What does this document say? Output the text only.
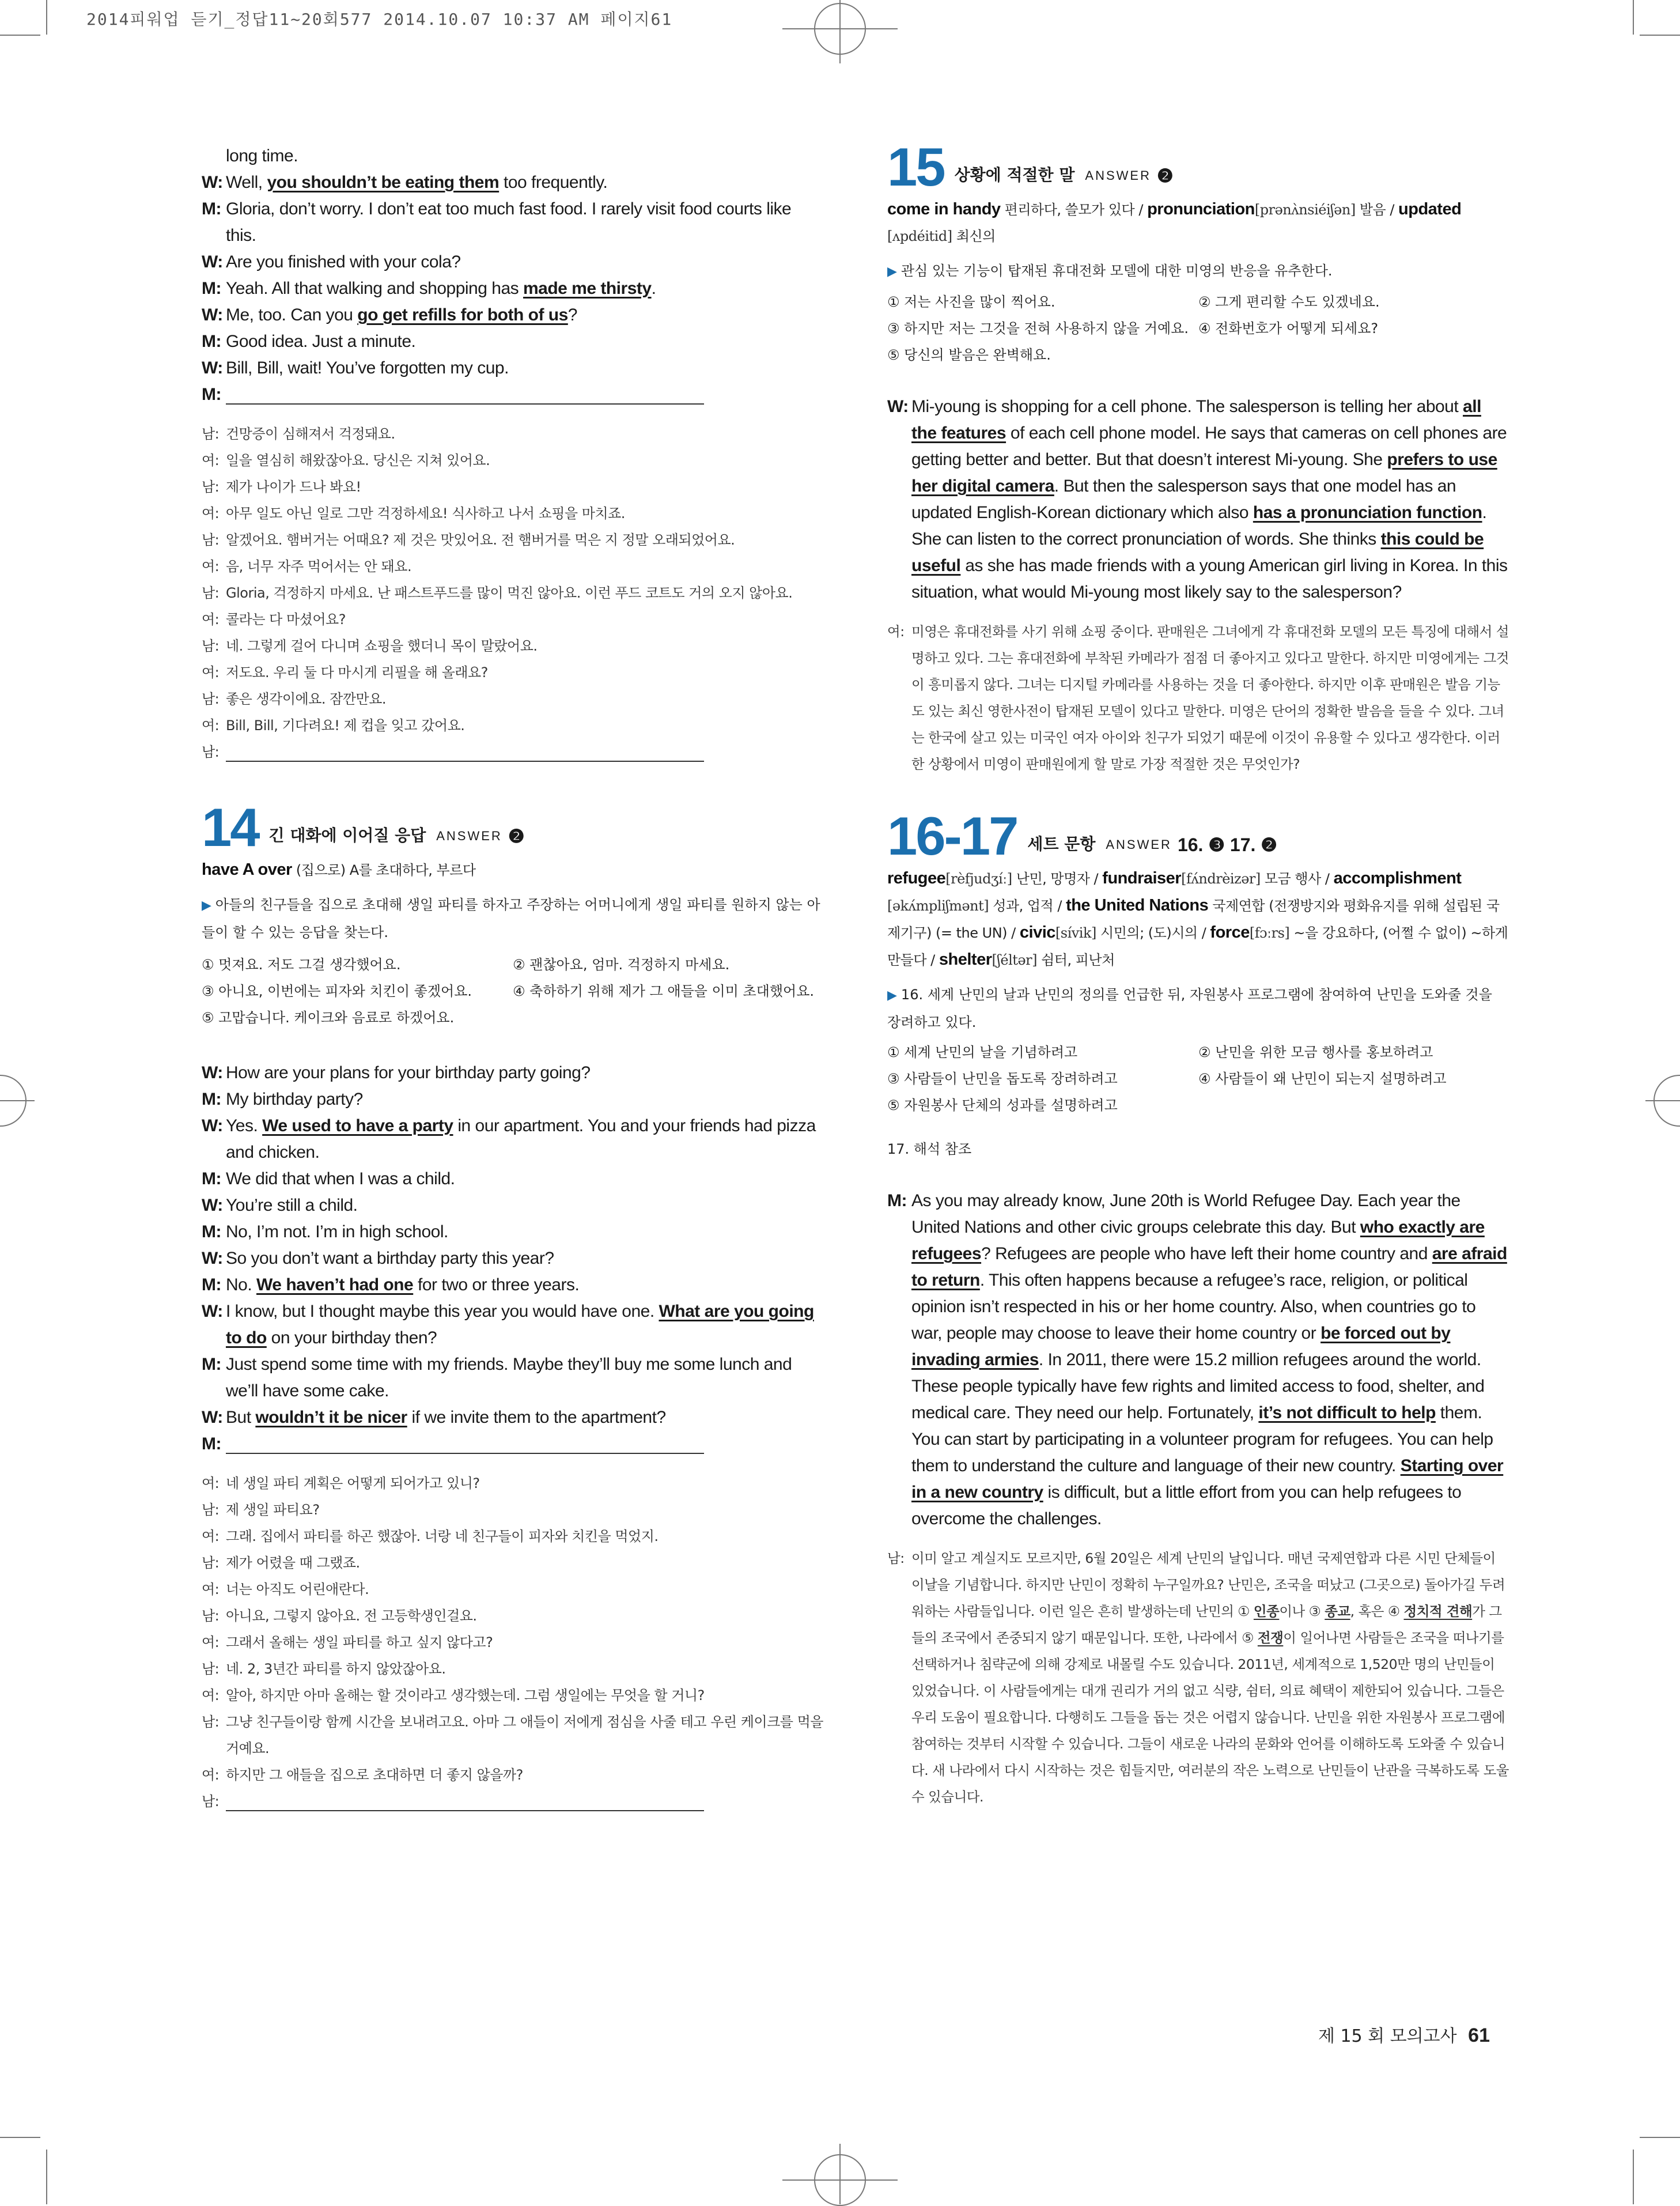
2014피워업 듣기_정답11~20회577 2014.10.07 10:37 AM 페이지61
long time.
W: Well, you shouldn’t be eating them too frequently.
M: Gloria, don’t worry. I don’t eat too much fast food. I rarely visit food courts like this.
W: Are you finished with your cola?
M: Yeah. All that walking and shopping has made me thirsty.
W: Me, too. Can you go get refills for both of us?
M: Good idea. Just a minute.
W: Bill, Bill, wait! You’ve forgotten my cup.
M:
남: 건망증이 심해져서 걱정돼요.
여: 일을 열심히 해왔잖아요. 당신은 지쳐 있어요.
남: 제가 나이가 드나 봐요!
여: 아무 일도 아닌 일로 그만 걱정하세요! 식사하고 나서 쇼핑을 마치죠.
남: 알겠어요. 햄버거는 어때요? 제 것은 맛있어요. 전 햄버거를 먹은 지 정말 오래되었어요.
여: 음, 너무 자주 먹어서는 안 돼요.
남: Gloria, 걱정하지 마세요. 난 패스트푸드를 많이 먹진 않아요. 이런 푸드 코트도 거의 오지 않아요.
여: 콜라는 다 마셨어요?
남: 네. 그렇게 걸어 다니며 쇼핑을 했더니 목이 말랐어요.
여: 저도요. 우리 둘 다 마시게 리필을 해 올래요?
남: 좋은 생각이에요. 잠깐만요.
여: Bill, Bill, 기다려요! 제 컵을 잊고 갔어요.
남:
14 긴 대화에 이어질 응답 ANSWER ❷
have A over (집으로) A를 초대하다, 부르다
▶ 아들의 친구들을 집으로 초대해 생일 파티를 하자고 주장하는 어머니에게 생일 파티를 원하지 않는 아들이 할 수 있는 응답을 찾는다.
① 멋져요. 저도 그걸 생각했어요.	② 괜찮아요, 엄마. 걱정하지 마세요.
③ 아니요, 이번에는 피자와 치킨이 좋겠어요.	④ 축하하기 위해 제가 그 애들을 이미 초대했어요.
⑤ 고맙습니다. 케이크와 음료로 하겠어요.
W: How are your plans for your birthday party going?
M: My birthday party?
W: Yes. We used to have a party in our apartment. You and your friends had pizza and chicken.
M: We did that when I was a child.
W: You’re still a child.
M: No, I’m not. I’m in high school.
W: So you don’t want a birthday party this year?
M: No. We haven’t had one for two or three years.
W: I know, but I thought maybe this year you would have one. What are you going to do on your birthday then?
M: Just spend some time with my friends. Maybe they’ll buy me some lunch and we’ll have some cake.
W: But wouldn’t it be nicer if we invite them to the apartment?
M:
여: 네 생일 파티 계획은 어떻게 되어가고 있니?
남: 제 생일 파티요?
여: 그래. 집에서 파티를 하곤 했잖아. 너랑 네 친구들이 피자와 치킨을 먹었지.
남: 제가 어렸을 때 그랬죠.
여: 너는 아직도 어린애란다.
남: 아니요, 그렇지 않아요. 전 고등학생인걸요.
여: 그래서 올해는 생일 파티를 하고 싶지 않다고?
남: 네. 2, 3년간 파티를 하지 않았잖아요.
여: 알아, 하지만 아마 올해는 할 것이라고 생각했는데. 그럼 생일에는 무엇을 할 거니?
남: 그냥 친구들이랑 함께 시간을 보내려고요. 아마 그 애들이 저에게 점심을 사줄 테고 우린 케이크를 먹을 거예요.
여: 하지만 그 애들을 집으로 초대하면 더 좋지 않을까?
남:
15 상황에 적절한 말 ANSWER ❷
come in handy 편리하다, 쓸모가 있다 / pronunciation[prənʌ̀nsiéiʃən] 발음 / updated [ʌpdéitid] 최신의
▶ 관심 있는 기능이 탑재된 휴대전화 모델에 대한 미영의 반응을 유추한다.
① 저는 사진을 많이 찍어요.	② 그게 편리할 수도 있겠네요.
③ 하지만 저는 그것을 전혀 사용하지 않을 거예요. ④ 전화번호가 어떻게 되세요?
⑤ 당신의 발음은 완벽해요.
W: Mi-young is shopping for a cell phone. The salesperson is telling her about all the features of each cell phone model. He says that cameras on cell phones are getting better and better. But that doesn’t interest Mi-young. She prefers to use her digital camera. But then the salesperson says that one model has an updated English-Korean dictionary which also has a pronunciation function. She can listen to the correct pronunciation of words. She thinks this could be useful as she has made friends with a young American girl living in Korea. In this situation, what would Mi-young most likely say to the salesperson?
여: 미영은 휴대전화를 사기 위해 쇼핑 중이다. 판매원은 그녀에게 각 휴대전화 모델의 모든 특징에 대해서 설명하고 있다. 그는 휴대전화에 부착된 카메라가 점점 더 좋아지고 있다고 말한다. 하지만 미영에게는 그것이 흥미롭지 않다. 그녀는 디지털 카메라를 사용하는 것을 더 좋아한다. 하지만 이후 판매원은 발음 기능도 있는 최신 영한사전이 탑재된 모델이 있다고 말한다. 미영은 단어의 정확한 발음을 들을 수 있다. 그녀는 한국에 살고 있는 미국인 여자 아이와 친구가 되었기 때문에 이것이 유용할 수 있다고 생각한다. 이러한 상황에서 미영이 판매원에게 할 말로 가장 적절한 것은 무엇인가?
16-17 세트 문항 ANSWER 16. ❸ 17. ❷
refugee[rèfjudʒíː] 난민, 망명자 / fundraiser[fʌ́ndrèizər] 모금 행사 / accomplishment [əkʌ́mpliʃmənt] 성과, 업적 / the United Nations 국제연합 (전쟁방지와 평화유지를 위해 설립된 국제기구) (= the UN) / civic[sívik] 시민의; (도)시의 / force[fɔːrs] ~을 강요하다, (어쩔 수 없이) ~하게 만들다 / shelter[ʃéltər] 쉼터, 피난처
▶ 16. 세계 난민의 날과 난민의 정의를 언급한 뒤, 자원봉사 프로그램에 참여하여 난민을 도와줄 것을 장려하고 있다.
① 세계 난민의 날을 기념하려고	② 난민을 위한 모금 행사를 홍보하려고
③ 사람들이 난민을 돕도록 장려하려고	④ 사람들이 왜 난민이 되는지 설명하려고
⑤ 자원봉사 단체의 성과를 설명하려고
17. 해석 참조
M: As you may already know, June 20th is World Refugee Day. Each year the United Nations and other civic groups celebrate this day. But who exactly are refugees? Refugees are people who have left their home country and are afraid to return. This often happens because a refugee’s race, religion, or political opinion isn’t respected in his or her home country. Also, when countries go to war, people may choose to leave their home country or be forced out by invading armies. In 2011, there were 15.2 million refugees around the world. These people typically have few rights and limited access to food, shelter, and medical care. They need our help. Fortunately, it’s not difficult to help them. You can start by participating in a volunteer program for refugees. You can help them to understand the culture and language of their new country. Starting over in a new country is difficult, but a little effort from you can help refugees to overcome the challenges.
남: 이미 알고 계실지도 모르지만, 6월 20일은 세계 난민의 날입니다. 매년 국제연합과 다른 시민 단체들이 이날을 기념합니다. 하지만 난민이 정확히 누구일까요? 난민은, 조국을 떠났고 (그곳으로) 돌아가길 두려워하는 사람들입니다. 이런 일은 흔히 발생하는데 난민의 ① 인종이나 ③ 종교, 혹은 ④ 정치적 견해가 그들의 조국에서 존중되지 않기 때문입니다. 또한, 나라에서 ⑤ 전쟁이 일어나면 사람들은 조국을 떠나기를 선택하거나 침략군에 의해 강제로 내몰릴 수도 있습니다. 2011년, 세계적으로 1,520만 명의 난민들이 있었습니다. 이 사람들에게는 대개 권리가 거의 없고 식량, 쉼터, 의료 혜택이 제한되어 있습니다. 그들은 우리 도움이 필요합니다. 다행히도 그들을 돕는 것은 어렵지 않습니다. 난민을 위한 자원봉사 프로그램에 참여하는 것부터 시작할 수 있습니다. 그들이 새로운 나라의 문화와 언어를 이해하도록 도와줄 수 있습니다. 새 나라에서 다시 시작하는 것은 힘들지만, 여러분의 작은 노력으로 난민들이 난관을 극복하도록 도울 수 있습니다.
제 15 회 모의고사 61
